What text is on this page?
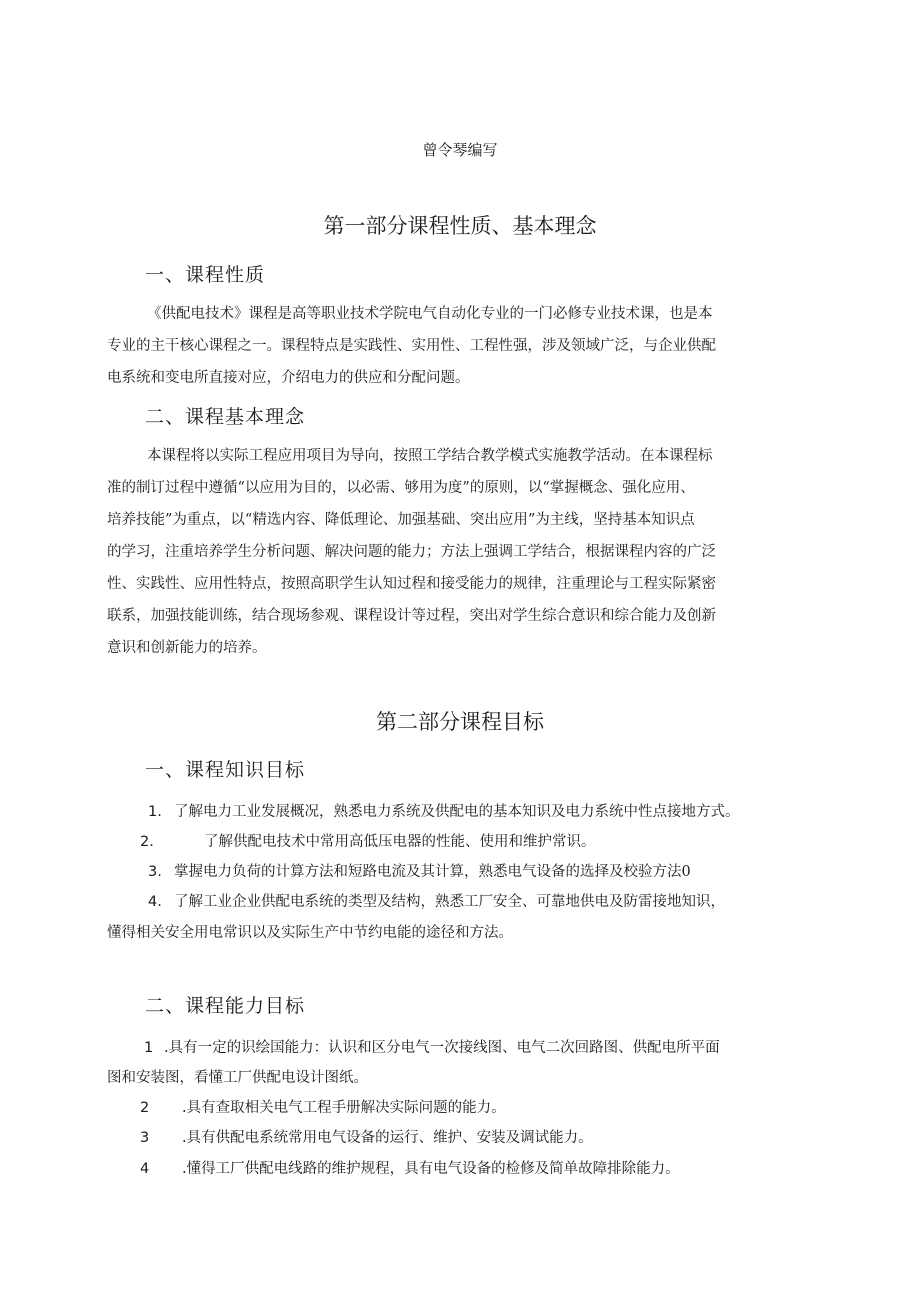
曾令琴编写
第一部分课程性质、基本理念
一、课程性质
《供配电技术》课程是高等职业技术学院电气自动化专业的一门必修专业技术课，也是本
专业的主干核心课程之一。课程特点是实践性、实用性、工程性强，涉及领域广泛，与企业供配
电系统和变电所直接对应，介绍电力的供应和分配问题。
二、课程基本理念
本课程将以实际工程应用项目为导向，按照工学结合教学模式实施教学活动。在本课程标
准的制订过程中遵循“以应用为目的，以必需、够用为度”的原则，以“掌握概念、强化应用、
培养技能”为重点，以“精选内容、降低理论、加强基础、突出应用”为主线，坚持基本知识点
的学习，注重培养学生分析问题、解决问题的能力；方法上强调工学结合，根据课程内容的广泛
性、实践性、应用性特点，按照高职学生认知过程和接受能力的规律，注重理论与工程实际紧密
联系，加强技能训练，结合现场参观、课程设计等过程，突出对学生综合意识和综合能力及创新
意识和创新能力的培养。
第二部分课程目标
一、课程知识目标
1. 了解电力工业发展概况，熟悉电力系统及供配电的基本知识及电力系统中性点接地方式。
2.	了解供配电技术中常用高低压电器的性能、使用和维护常识。
3. 掌握电力负荷的计算方法和短路电流及其计算，熟悉电气设备的选择及校验方法0
4. 了解工业企业供配电系统的类型及结构，熟悉工厂安全、可靠地供电及防雷接地知识，
懂得相关安全用电常识以及实际生产中节约电能的途径和方法。
二、课程能力目标
1 .具有一定的识绘国能力：认识和区分电气一次接线图、电气二次回路图、供配电所平面
图和安装图，看懂工厂供配电设计图纸。
2 .具有查取相关电气工程手册解决实际问题的能力。
3 .具有供配电系统常用电气设备的运行、维护、安装及调试能力。
4 .懂得工厂供配电线路的维护规程，具有电气设备的检修及简单故障排除能力。
